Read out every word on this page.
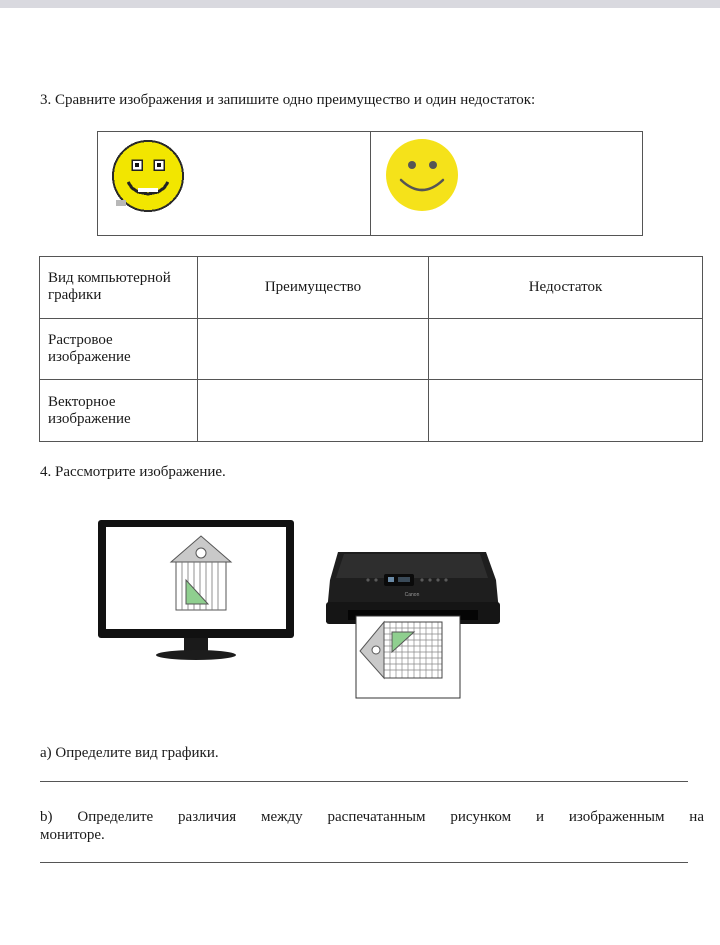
3. Сравните изображения и запишите одно преимущество и один недостаток:
Вид компьютерной графики	Преимущество	Недостаток
Растровое изображение		
Векторное изображение		
4. Рассмотрите изображение.
Canon
a) Определите вид графики.
b) Определите различия между распечатанным рисунком и изображенным на
мониторе.
